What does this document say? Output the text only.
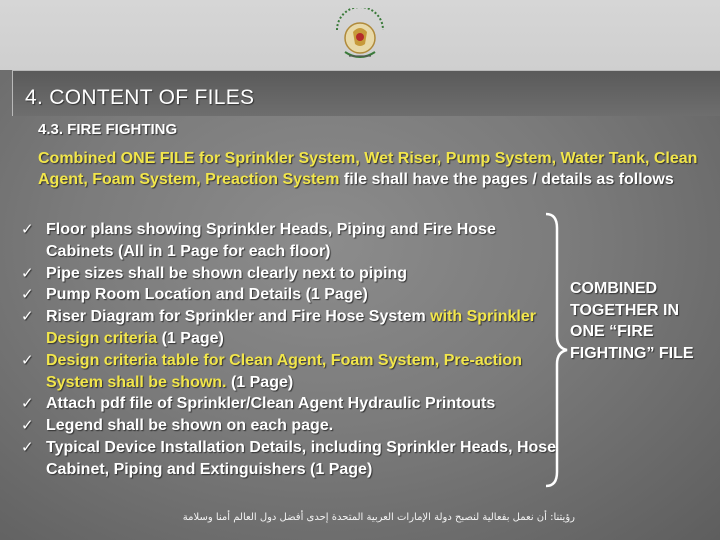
4. CONTENT OF FILES
4.3. FIRE FIGHTING
Combined ONE FILE for Sprinkler System, Wet Riser, Pump System, Water Tank, Clean Agent, Foam System, Preaction System file shall have the pages / details as follows
✓ Floor plans showing Sprinkler Heads, Piping and Fire Hose Cabinets (All in 1 Page for each floor)
✓ Pipe sizes shall be shown clearly next to piping
✓ Pump Room Location and Details (1 Page)
✓ Riser Diagram for Sprinkler and Fire Hose System with Sprinkler Design criteria (1 Page)
✓ Design criteria table for Clean Agent, Foam System, Pre-action System shall be shown. (1 Page)
✓ Attach pdf file of Sprinkler/Clean Agent Hydraulic Printouts
✓ Legend shall be shown on each page.
✓ Typical Device Installation Details, including Sprinkler Heads, Hose Cabinet, Piping and Extinguishers (1 Page)
COMBINED TOGETHER IN ONE “FIRE FIGHTING” FILE
رؤيتنا: أن نعمل بفعالية لنصبح دولة الإمارات العربية المتحدة إحدى أفضل دول العالم أمنا وسلامة
